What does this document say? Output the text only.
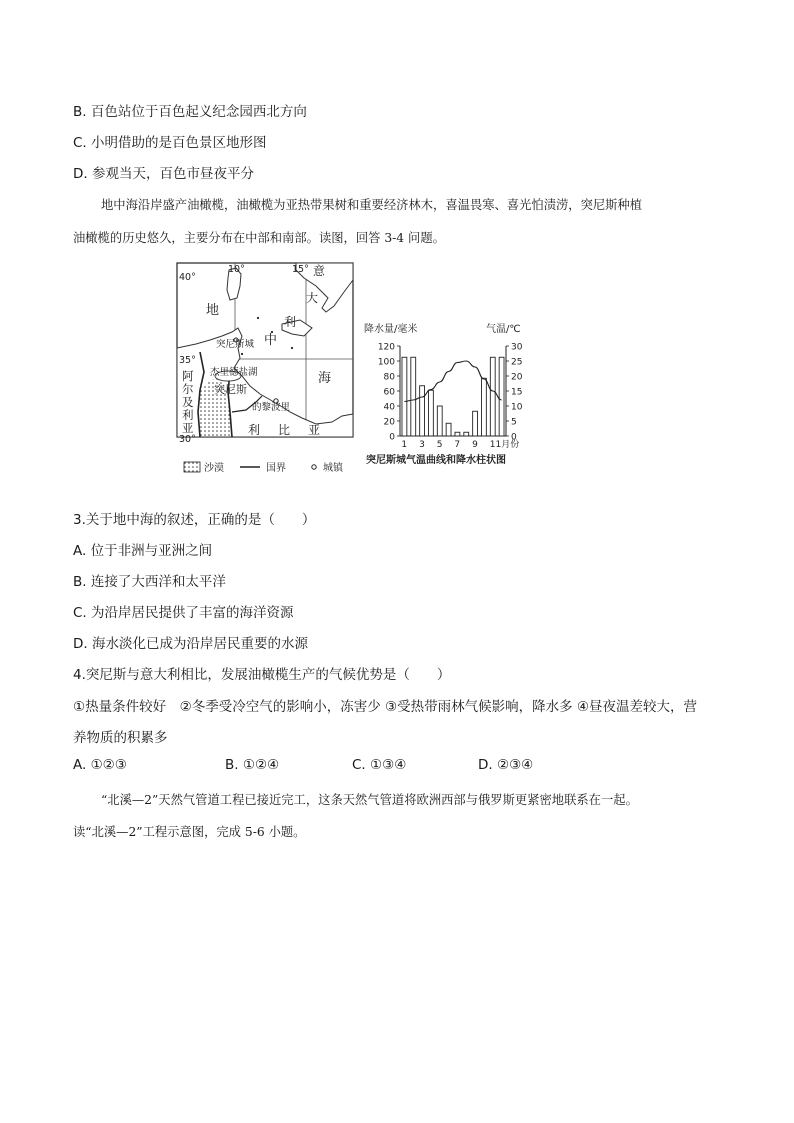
B. 百色站位于百色起义纪念园西北方向
C. 小明借助的是百色景区地形图
D. 参观当天，百色市昼夜平分
地中海沿岸盛产油橄榄，油橄榄为亚热带果树和重要经济林木，喜温畏寒、喜光怕渍涝，突尼斯种植
油橄榄的历史悠久，主要分布在中部和南部。读图，回答 3-4 问题。
10°	15°
40°
35°
30°
地
中
海
意
大
利
阿
尔
及
利
亚	利 比 亚
突尼斯城
杰里德盐湖
突尼斯
的黎波里
沙漠	国界	城镇
降水量/毫米	气温/℃
120
100
80
60
40
20
0
30
25
20
15
10
5
0
1 3 5 7 9 11月份
突尼斯城气温曲线和降水柱状图
3.关于地中海的叙述，正确的是（　　）
A. 位于非洲与亚洲之间
B. 连接了大西洋和太平洋
C. 为沿岸居民提供了丰富的海洋资源
D. 海水淡化已成为沿岸居民重要的水源
4.突尼斯与意大利相比，发展油橄榄生产的气候优势是（　　）
①热量条件较好　②冬季受冷空气的影响小，冻害少 ③受热带雨林气候影响，降水多 ④昼夜温差较大，营
养物质的积累多
A. ①②③	B. ①②④	C. ①③④	D. ②③④
“北溪—2”天然气管道工程已接近完工，这条天然气管道将欧洲西部与俄罗斯更紧密地联系在一起。
读“北溪—2”工程示意图，完成 5-6 小题。
